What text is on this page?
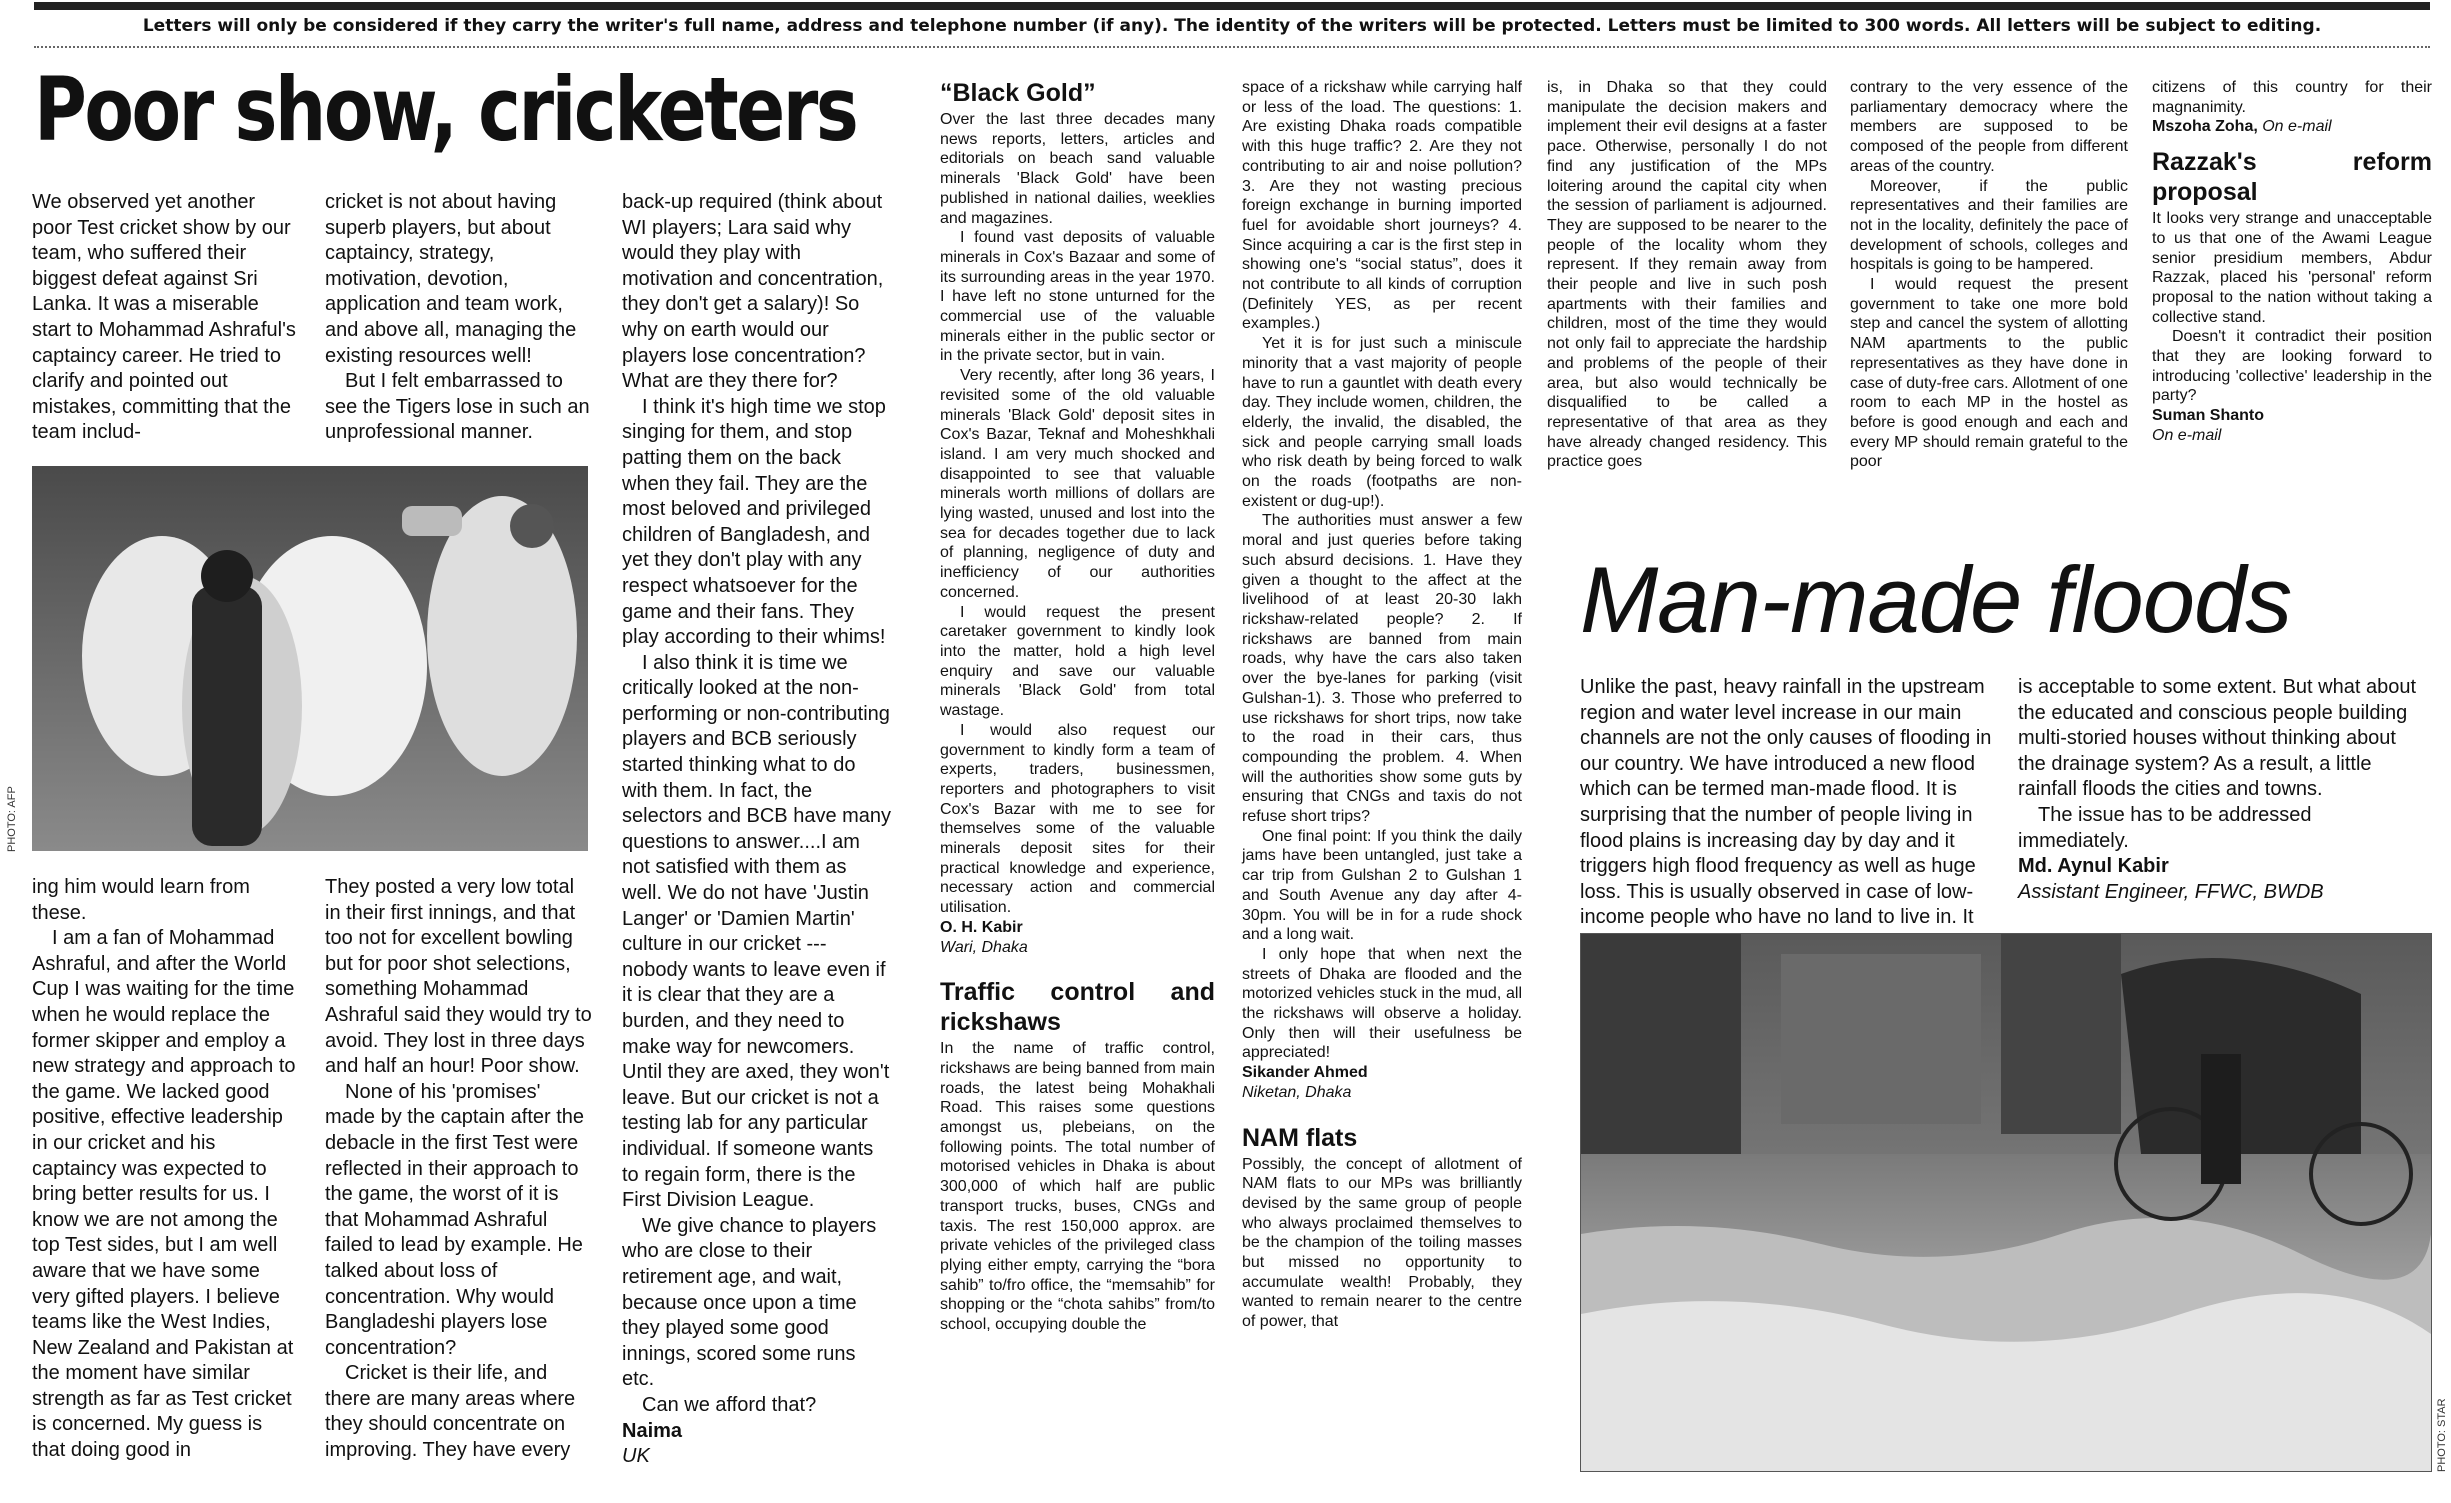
Letters will only be considered if they carry the writer's full name, address and telephone number (if any). The identity of the writers will be protected. Letters must be limited to 300 words. All letters will be subject to editing.
Poor show, cricketers

We observed yet another poor Test cricket show by our team, who suffered their biggest defeat against Sri Lanka. It was a miserable start to Mohammad Ashraful's captaincy career. He tried to clarify and pointed out mistakes, committing that the team includ-

cricket is not about having superb players, but about captaincy, strategy, motivation, devotion, application and team work, and above all, managing the existing resources well!

But I felt embarrassed to see the Tigers lose in such an unprofessional manner.

PHOTO: AFP

ing him would learn from these.

I am a fan of Mohammad Ashraful, and after the World Cup I was waiting for the time when he would replace the former skipper and employ a new strategy and approach to the game. We lacked good positive, effective leadership in our cricket and his captaincy was expected to bring better results for us. I know we are not among the top Test sides, but I am well aware that we have some very gifted players. I believe teams like the West Indies, New Zealand and Pakistan at the moment have similar strength as far as Test cricket is concerned. My guess is that doing good in

They posted a very low total in their first innings, and that too not for excellent bowling but for poor shot selections, something Mohammad Ashraful said they would try to avoid. They lost in three days and half an hour! Poor show.

None of his 'promises' made by the captain after the debacle in the first Test were reflected in their approach to the game, the worst of it is that Mohammad Ashraful failed to lead by example. He talked about loss of concentration. Why would Bangladeshi players lose concentration?

Cricket is their life, and there are many areas where they should concentrate on improving. They have every

back-up required (think about WI players; Lara said why would they play with motivation and concentration, they don't get a salary)! So why on earth would our players lose concentration? What are they there for?

I think it's high time we stop singing for them, and stop patting them on the back when they fail. They are the most beloved and privileged children of Bangladesh, and yet they don't play with any respect whatsoever for the game and their fans. They play according to their whims!

I also think it is time we critically looked at the non-performing or non-contributing players and BCB seriously started thinking what to do with them. In fact, the selectors and BCB have many questions to answer....I am not satisfied with them as well. We do not have 'Justin Langer' or 'Damien Martin' culture in our cricket --- nobody wants to leave even if it is clear that they are a burden, and they need to make way for newcomers. Until they are axed, they won't leave. But our cricket is not a testing lab for any particular individual. If someone wants to regain form, there is the First Division League.

We give chance to players who are close to their retirement age, and wait, because once upon a time they played some good innings, scored some runs etc.

Can we afford that?

Naima

UK

“Black Gold”

Over the last three decades many news reports, letters, articles and editorials on beach sand valuable minerals 'Black Gold' have been published in national dailies, weeklies and magazines.

I found vast deposits of valuable minerals in Cox's Bazaar and some of its surrounding areas in the year 1970. I have left no stone unturned for the commercial use of the valuable minerals either in the public sector or in the private sector, but in vain.

Very recently, after long 36 years, I revisited some of the old valuable minerals 'Black Gold' deposit sites in Cox's Bazar, Teknaf and Moheshkhali island. I am very much shocked and disappointed to see that valuable minerals worth millions of dollars are lying wasted, unused and lost into the sea for decades together due to lack of planning, negligence of duty and inefficiency of our authorities concerned.

I would request the present caretaker government to kindly look into the matter, hold a high level enquiry and save our valuable minerals 'Black Gold' from total wastage.

I would also request our government to kindly form a team of experts, traders, businessmen, reporters and photographers to visit Cox's Bazar with me to see for themselves some of the valuable minerals deposit sites for their practical knowledge and experience, necessary action and commercial utilisation.

O. H. Kabir

Wari, Dhaka

Traffic control and rickshaws

In the name of traffic control, rickshaws are being banned from main roads, the latest being Mohakhali Road. This raises some questions amongst us, plebeians, on the following points. The total number of motorised vehicles in Dhaka is about 300,000 of which half are public transport trucks, buses, CNGs and taxis. The rest 150,000 approx. are private vehicles of the privileged class plying either empty, carrying the “bora sahib” to/fro office, the “memsahib” for shopping or the “chota sahibs” from/to school, occupying double the

space of a rickshaw while carrying half or less of the load. The questions: 1. Are existing Dhaka roads compatible with this huge traffic? 2. Are they not contributing to air and noise pollution? 3. Are they not wasting precious foreign exchange in burning imported fuel for avoidable short journeys? 4. Since acquiring a car is the first step in showing one's “social status”, does it not contribute to all kinds of corruption (Definitely YES, as per recent examples.)

Yet it is for just such a miniscule minority that a vast majority of people have to run a gauntlet with death every day. They include women, children, the elderly, the invalid, the disabled, the sick and people carrying small loads who risk death by being forced to walk on the roads (footpaths are non-existent or dug-up!).

The authorities must answer a few moral and just queries before taking such absurd decisions. 1. Have they given a thought to the affect at the livelihood of at least 20-30 lakh rickshaw-related people? 2. If rickshaws are banned from main roads, why have the cars also taken over the bye-lanes for parking (visit Gulshan-1). 3. Those who preferred to use rickshaws for short trips, now take to the road in their cars, thus compounding the problem. 4. When will the authorities show some guts by ensuring that CNGs and taxis do not refuse short trips?

One final point: If you think the daily jams have been untangled, just take a car trip from Gulshan 2 to Gulshan 1 and South Avenue any day after 4-30pm. You will be in for a rude shock and a long wait.

I only hope that when next the streets of Dhaka are flooded and the motorized vehicles stuck in the mud, all the rickshaws will observe a holiday. Only then will their usefulness be appreciated!

Sikander Ahmed

Niketan, Dhaka

NAM flats

Possibly, the concept of allotment of NAM flats to our MPs was brilliantly devised by the same group of people who always proclaimed themselves to be the champion of the toiling masses but missed no opportunity to accumulate wealth! Probably, they wanted to remain nearer to the centre of power, that

is, in Dhaka so that they could manipulate the decision makers and implement their evil designs at a faster pace. Otherwise, personally I do not find any justification of the MPs loitering around the capital city when the session of parliament is adjourned. They are supposed to be nearer to the people of the locality whom they represent. If they remain away from their people and live in such posh apartments with their families and children, most of the time they would not only fail to appreciate the hardship and problems of the people of their area, but also would technically be disqualified to be called a representative of that area as they have already changed residency. This practice goes

contrary to the very essence of the parliamentary democracy where the members are supposed to be composed of the people from different areas of the country.

Moreover, if the public representatives and their families are not in the locality, definitely the pace of development of schools, colleges and hospitals is going to be hampered.

I would request the present government to take one more bold step and cancel the system of allotting NAM apartments to the public representatives as they have done in case of duty-free cars. Allotment of one room to each MP in the hostel as before is good enough and each and every MP should remain grateful to the poor

citizens of this country for their magnanimity.

Mszoha Zoha, On e-mail

Razzak's reform proposal

It looks very strange and unacceptable to us that one of the Awami League senior presidium members, Abdur Razzak, placed his 'personal' reform proposal to the nation without taking a collective stand.

Doesn't it contradict their position that they are looking forward to introducing 'collective' leadership in the party?

Suman Shanto

On e-mail

Man-made floods

Unlike the past, heavy rainfall in the upstream region and water level increase in our main channels are not the only causes of flooding in our country. We have introduced a new flood which can be termed man-made flood. It is surprising that the number of people living in flood plains is increasing day by day and it triggers high flood frequency as well as huge loss. This is usually observed in case of low-income people who have no land to live in. It

is acceptable to some extent. But what about the educated and conscious people building multi-storied houses without thinking about the drainage system? As a result, a little rainfall floods the cities and towns.

The issue has to be addressed immediately.

Md. Aynul Kabir

Assistant Engineer, FFWC, BWDB

PHOTO: STAR
